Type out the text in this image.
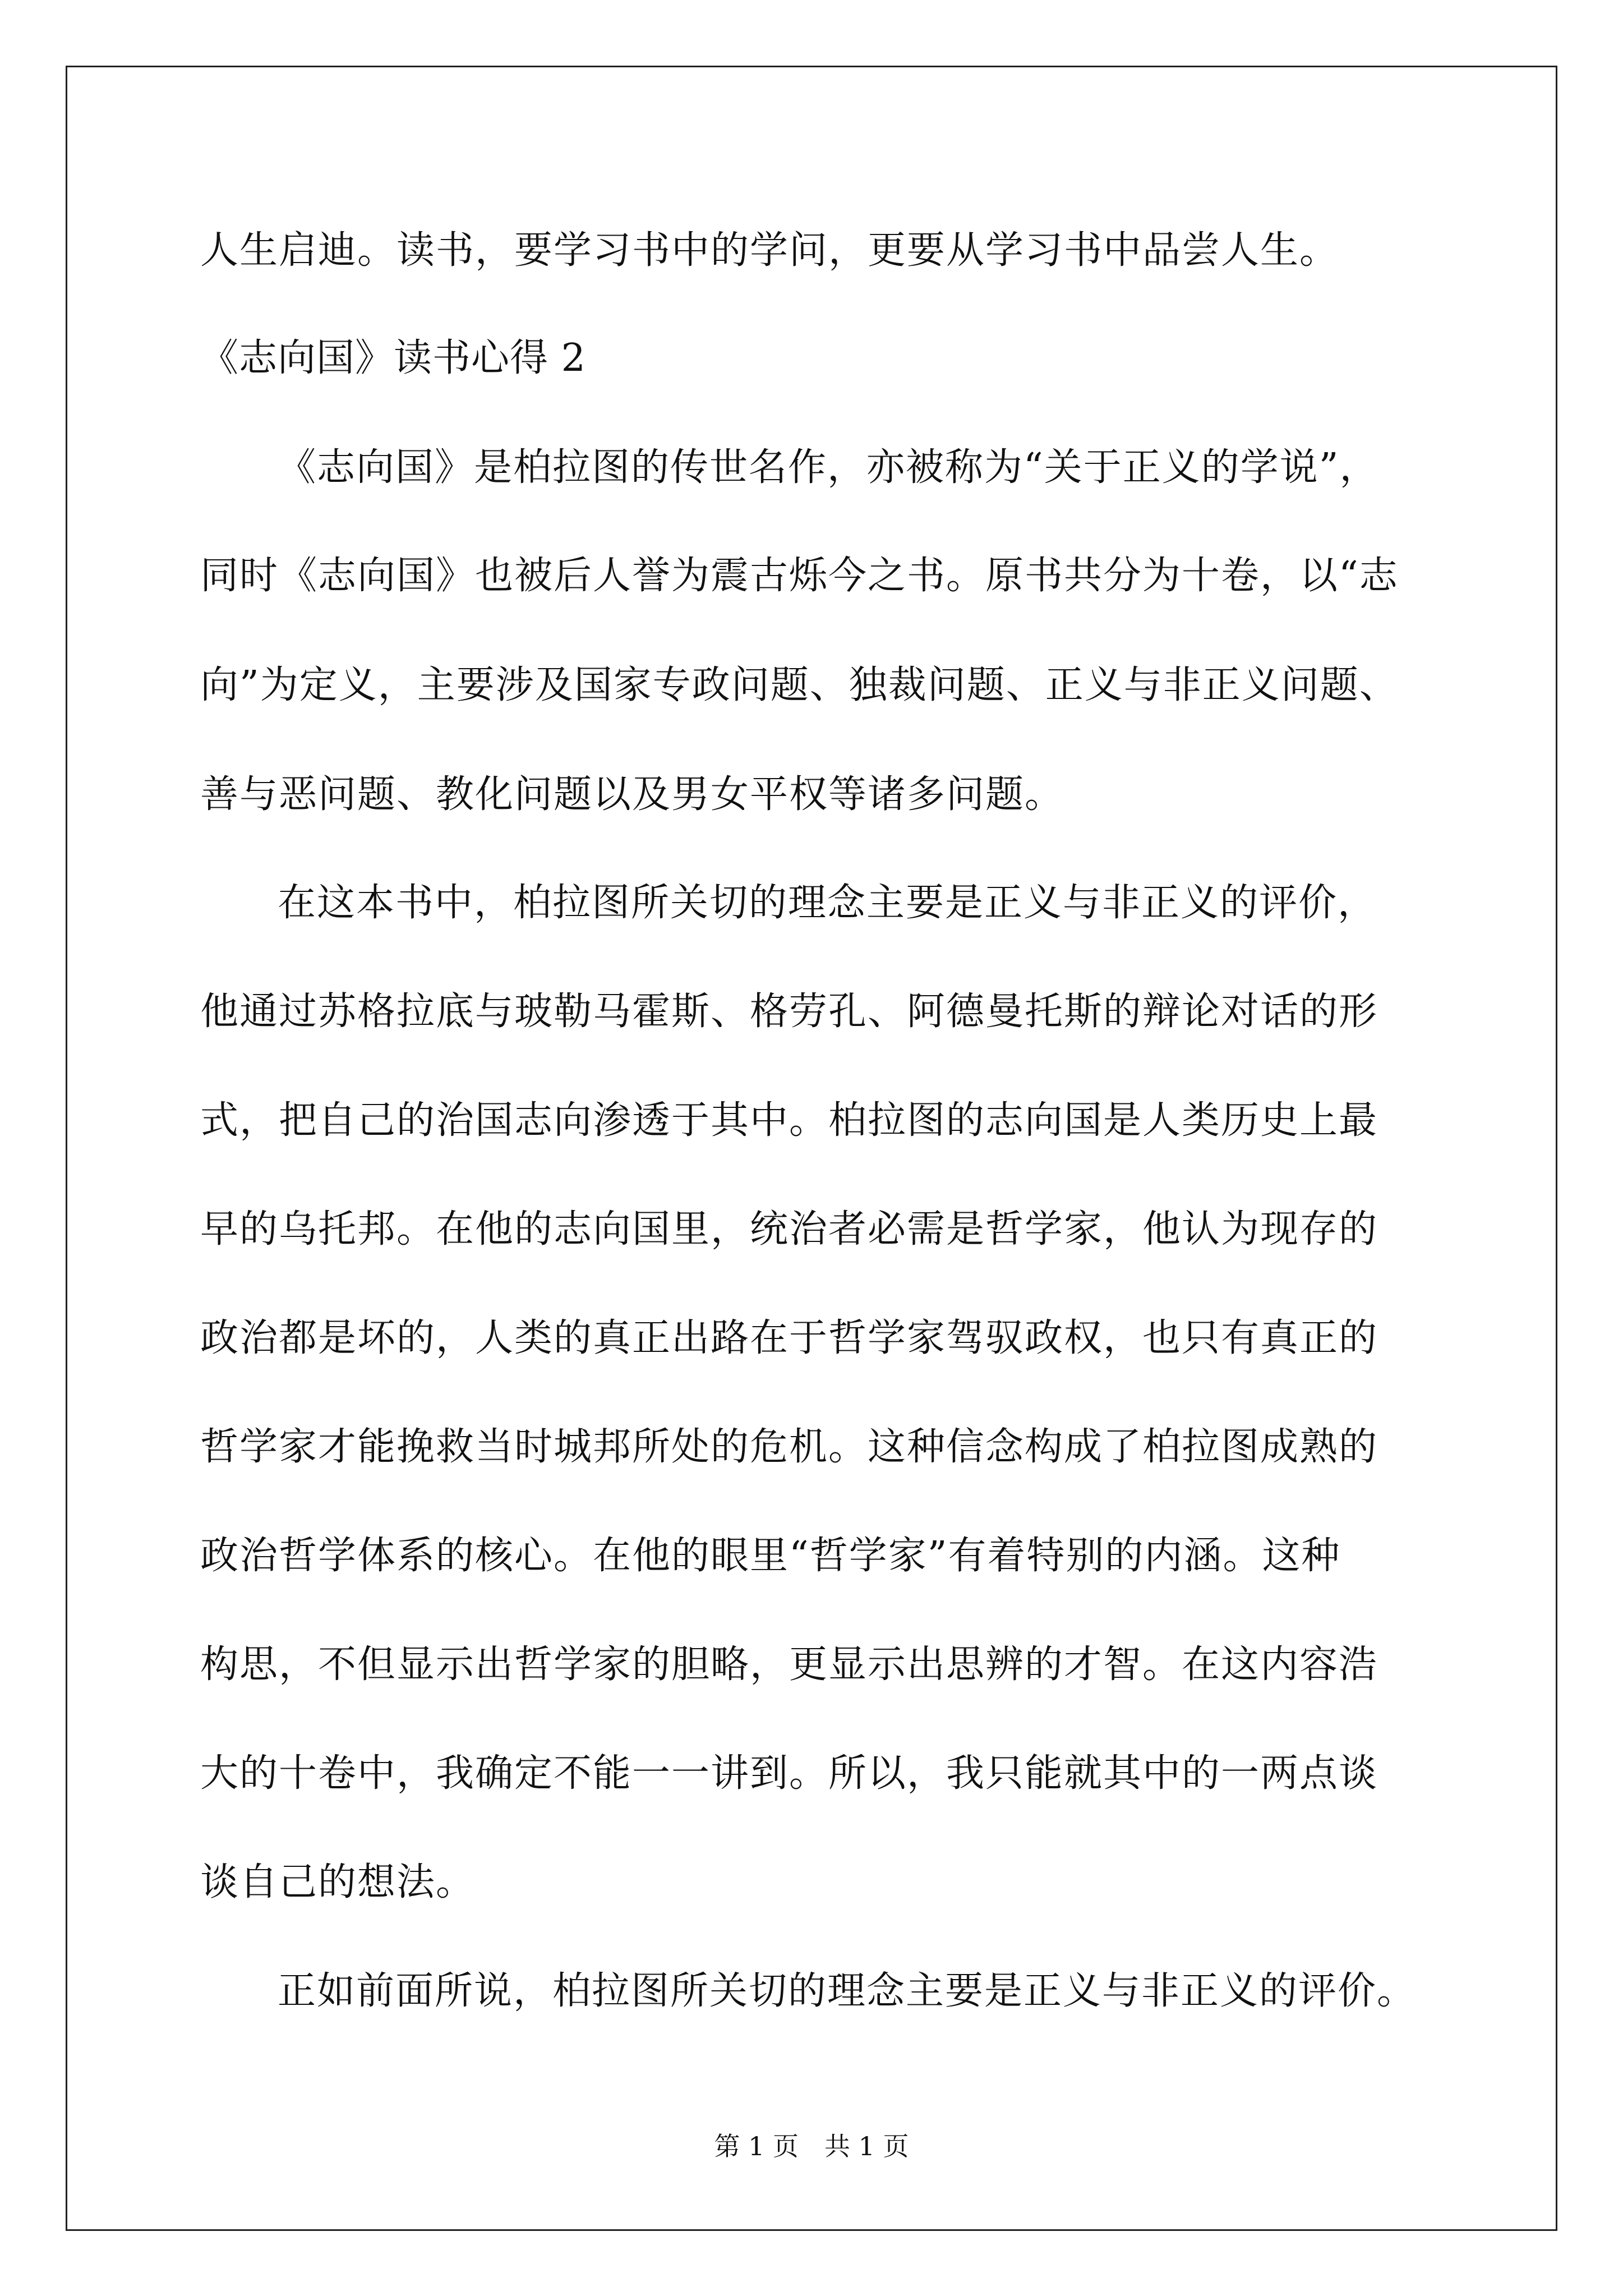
人生启迪。读书，要学习书中的学问，更要从学习书中品尝人生。
《志向国》读书心得 2
《志向国》是柏拉图的传世名作，亦被称为“关于正义的学说”，
同时《志向国》也被后人誉为震古烁今之书。原书共分为十卷，以“志
向”为定义，主要涉及国家专政问题、独裁问题、正义与非正义问题、
善与恶问题、教化问题以及男女平权等诸多问题。
在这本书中，柏拉图所关切的理念主要是正义与非正义的评价，
他通过苏格拉底与玻勒马霍斯、格劳孔、阿德曼托斯的辩论对话的形
式，把自己的治国志向渗透于其中。柏拉图的志向国是人类历史上最
早的乌托邦。在他的志向国里，统治者必需是哲学家，他认为现存的
政治都是坏的，人类的真正出路在于哲学家驾驭政权，也只有真正的
哲学家才能挽救当时城邦所处的危机。这种信念构成了柏拉图成熟的
政治哲学体系的核心。在他的眼里“哲学家”有着特别的内涵。这种
构思，不但显示出哲学家的胆略，更显示出思辨的才智。在这内容浩
大的十卷中，我确定不能一一讲到。所以，我只能就其中的一两点谈
谈自己的想法。
正如前面所说，柏拉图所关切的理念主要是正义与非正义的评价。
第 1 页 共 1 页
